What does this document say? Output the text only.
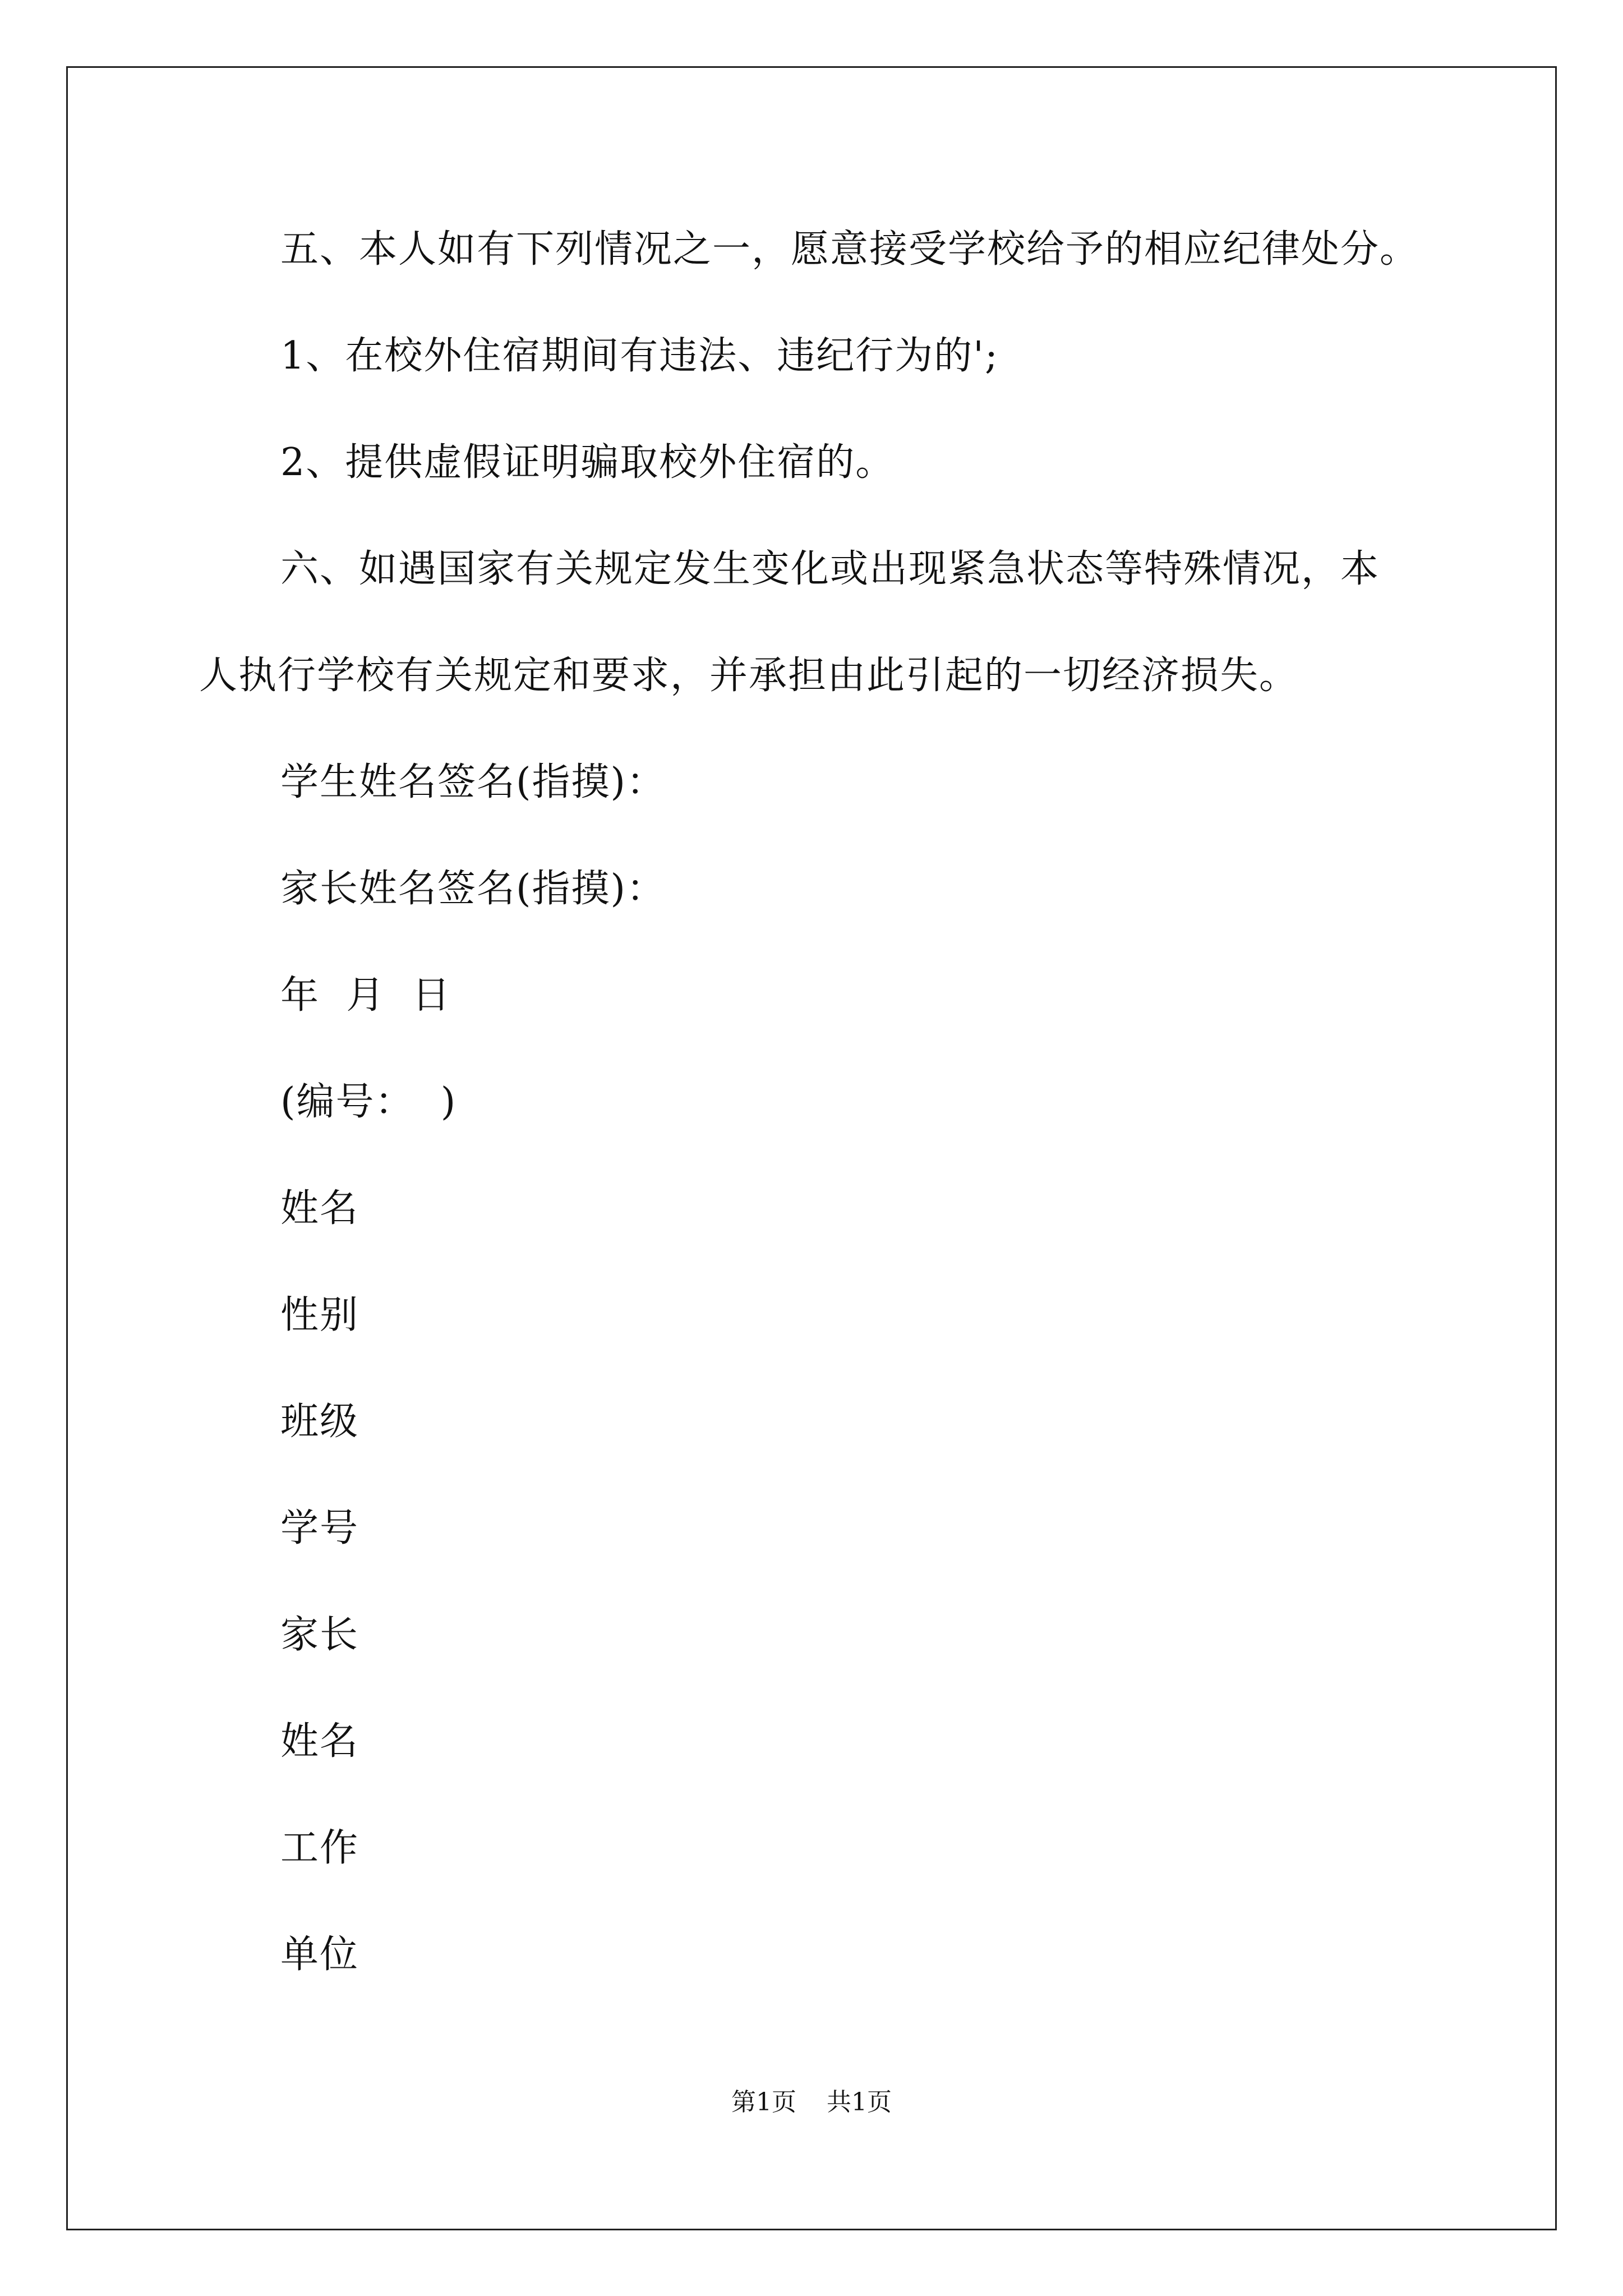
五、本人如有下列情况之一，愿意接受学校给予的相应纪律处分。
1、在校外住宿期间有违法、违纪行为的';
2、提供虚假证明骗取校外住宿的。
六、如遇国家有关规定发生变化或出现紧急状态等特殊情况，本
人执行学校有关规定和要求，并承担由此引起的一切经济损失。
学生姓名签名(指摸)：
家长姓名签名(指摸)：
年  月  日
(编号：  )
姓名
性别
班级
学号
家长
姓名
工作
单位
第1页 共1页
